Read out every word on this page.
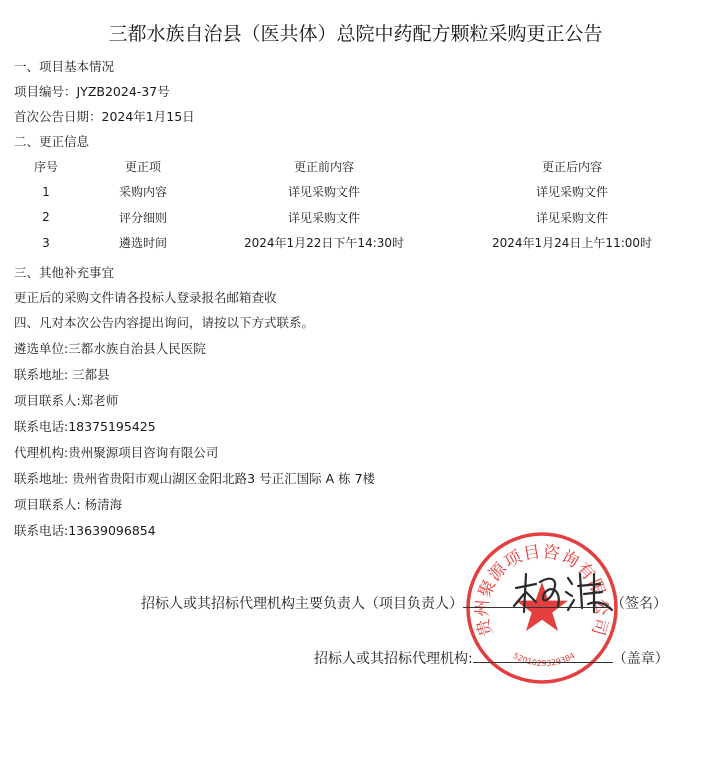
三都水族自治县（医共体）总院中药配方颗粒采购更正公告
一、项目基本情况
项目编号：JYZB2024-37号
首次公告日期：2024年1月15日
二、更正信息
序号	更正项	更正前内容	更正后内容
1	采购内容	详见采购文件	详见采购文件
2	评分细则	详见采购文件	详见采购文件
3	遴选时间	2024年1月22日下午14:30时	2024年1月24日上午11:00时
三、其他补充事宜
更正后的采购文件请各投标人登录报名邮箱查收
四、凡对本次公告内容提出询问，请按以下方式联系。
遴选单位:三都水族自治县人民医院
联系地址: 三都县
项目联系人:郑老师
联系电话:18375195425
代理机构:贵州聚源项目咨询有限公司
联系地址: 贵州省贵阳市观山湖区金阳北路3 号正汇国际 A 栋 7楼
项目联系人: 杨清海
联系电话:13639096854
贵州聚源项目咨询有限公司
5201029329384
招标人或其招标代理机构主要负责人（项目负责人）	（签名）
招标人或其招标代理机构:	（盖章）
